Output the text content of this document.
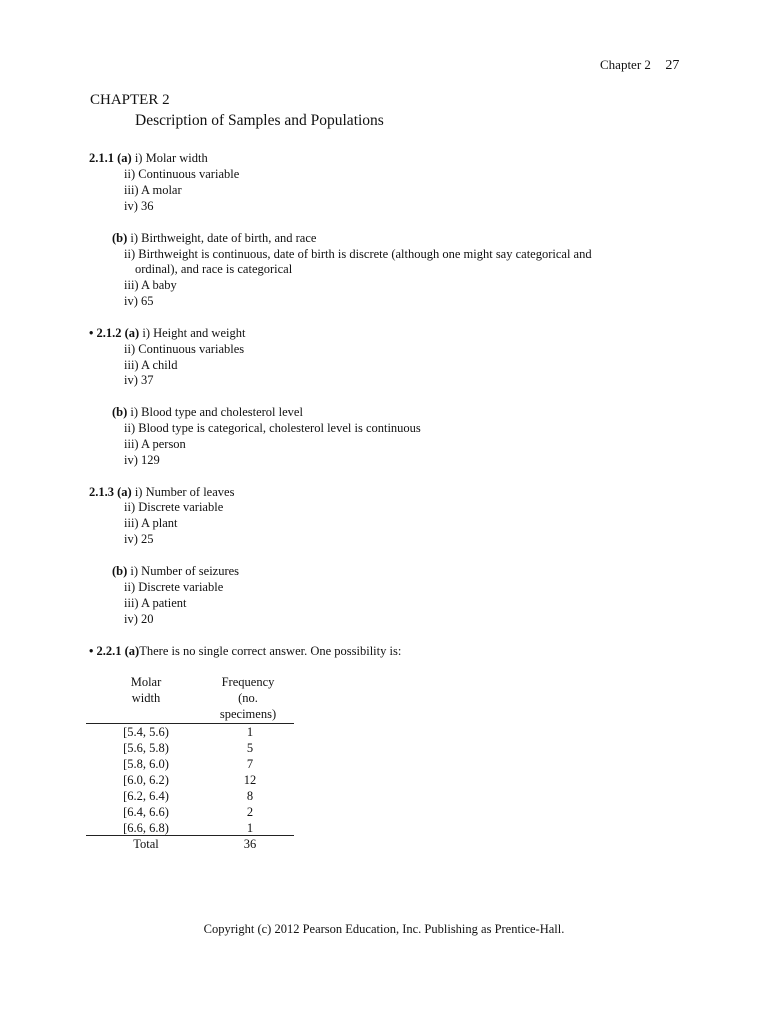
Chapter 2 27
CHAPTER 2
Description of Samples and Populations
2.1.1 (a) i) Molar width
ii) Continuous variable
iii) A molar
iv) 36
(b) i) Birthweight, date of birth, and race
ii) Birthweight is continuous, date of birth is discrete (although one might say categorical and
ordinal), and race is categorical
iii) A baby
iv) 65
• 2.1.2 (a) i) Height and weight
ii) Continuous variables
iii) A child
iv) 37
(b) i) Blood type and cholesterol level
ii) Blood type is categorical, cholesterol level is continuous
iii) A person
iv) 129
2.1.3 (a) i) Number of leaves
ii) Discrete variable
iii) A plant
iv) 25
(b) i) Number of seizures
ii) Discrete variable
iii) A patient
iv) 20
• 2.2.1 (a)There is no single correct answer. One possibility is:
Molar
width
Frequency
(no.
specimens)
[5.4, 5.6)	1
[5.6, 5.8)	5
[5.8, 6.0)	7
[6.0, 6.2)	12
[6.2, 6.4)	8
[6.4, 6.6)	2
[6.6, 6.8)	1
Total	36
Copyright (c) 2012 Pearson Education, Inc. Publishing as Prentice-Hall.
